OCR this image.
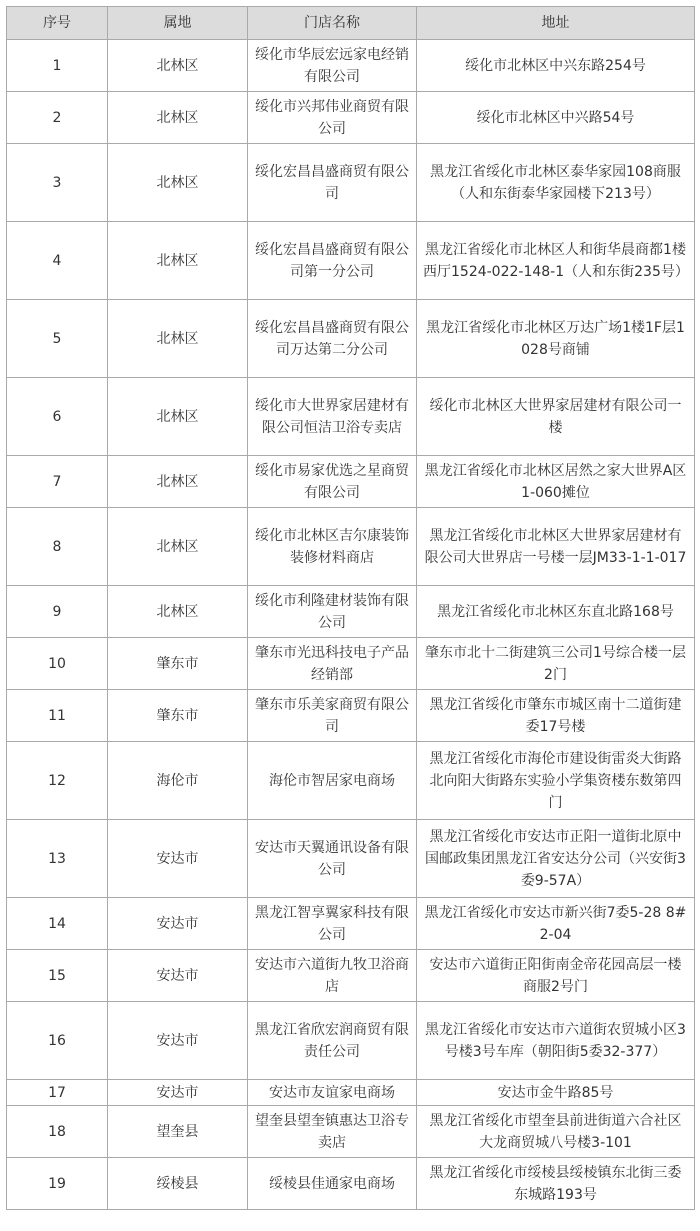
序号	属地	门店名称	地址
1	北林区	绥化市华辰宏远家电经销有限公司	绥化市北林区中兴东路254号
2	北林区	绥化市兴邦伟业商贸有限公司	绥化市北林区中兴路54号
3	北林区	绥化宏昌昌盛商贸有限公司	黑龙江省绥化市北林区泰华家园108商服（人和东街泰华家园楼下213号）
4	北林区	绥化宏昌昌盛商贸有限公司第一分公司	黑龙江省绥化市北林区人和街华晨商都1楼西厅1524-022-148-1（人和东街235号）
5	北林区	绥化宏昌昌盛商贸有限公司万达第二分公司	黑龙江省绥化市北林区万达广场1楼1F层1028号商铺
6	北林区	绥化市大世界家居建材有限公司恒洁卫浴专卖店	绥化市北林区大世界家居建材有限公司一楼
7	北林区	绥化市易家优选之星商贸有限公司	黑龙江省绥化市北林区居然之家大世界A区1-060摊位
8	北林区	绥化市北林区吉尔康装饰装修材料商店	黑龙江省绥化市北林区大世界家居建材有限公司大世界店一号楼一层JM33-1-1-017
9	北林区	绥化市利隆建材装饰有限公司	黑龙江省绥化市北林区东直北路168号
10	肇东市	肇东市光迅科技电子产品经销部	肇东市北十二街建筑三公司1号综合楼一层2门
11	肇东市	肇东市乐美家商贸有限公司	黑龙江省绥化市肇东市城区南十二道街建委17号楼
12	海伦市	海伦市智居家电商场	黑龙江省绥化市海伦市建设街雷炎大街路北向阳大街路东实验小学集资楼东数第四门
13	安达市	安达市天翼通讯设备有限公司	黑龙江省绥化市安达市正阳一道街北原中国邮政集团黑龙江省安达分公司（兴安街3委9-57A）
14	安达市	黑龙江智享翼家科技有限公司	黑龙江省绥化市安达市新兴街7委5-28 8#2-04
15	安达市	安达市六道街九牧卫浴商店	安达市六道街正阳街南金帝花园高层一楼商服2号门
16	安达市	黑龙江省欣宏润商贸有限责任公司	黑龙江省绥化市安达市六道街农贸城小区3号楼3号车库（朝阳街5委32-377）
17	安达市	安达市友谊家电商场	安达市金牛路85号
18	望奎县	望奎县望奎镇惠达卫浴专卖店	黑龙江省绥化市望奎县前进街道六合社区大龙商贸城八号楼3-101
19	绥棱县	绥棱县佳通家电商场	黑龙江省绥化市绥棱县绥棱镇东北街三委东城路193号
